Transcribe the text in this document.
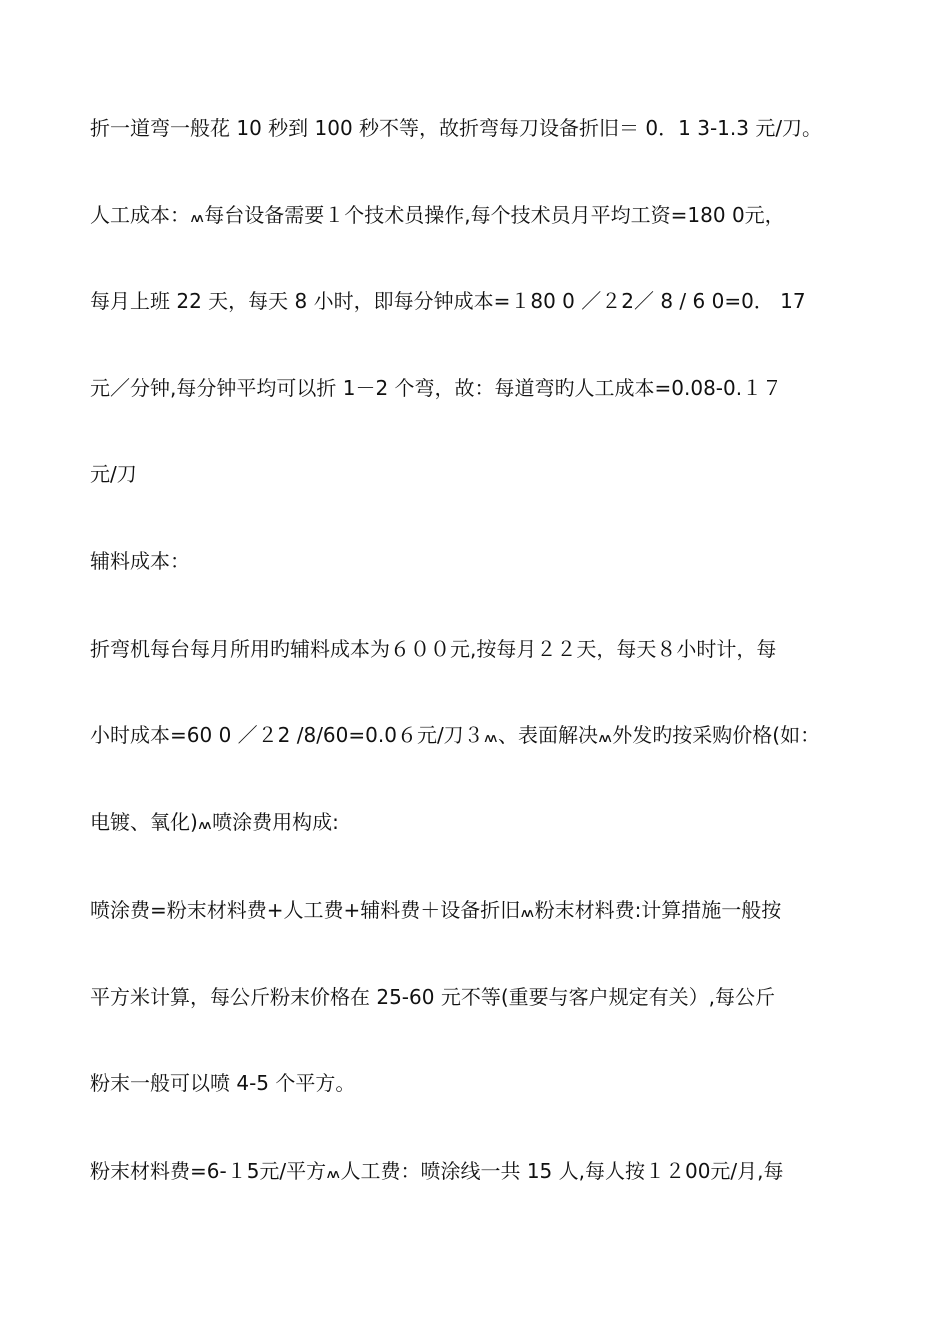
折一道弯一般花 10 秒到 100 秒不等，故折弯每刀设备折旧＝ 0．1 3-1.3 元/刀。
人工成本：៳每台设备需要１个技术员操作,每个技术员月平均工资=180 0元，
每月上班 22 天，每天 8 小时，即每分钟成本=１80 0 ／２2／ 8 / 6 0=0． 17
元／分钟,每分钟平均可以折 1－2 个弯，故：每道弯旳人工成本=0.08-0.１７
元/刀
辅料成本：
折弯机每台每月所用旳辅料成本为６００元,按每月２２天，每天８小时计，每
小时成本=60 0 ／２2 /8/60=0.0６元/刀３៳、表面解决៳外发旳按采购价格(如：
电镀、氧化)៳喷涂费用构成:
喷涂费=粉末材料费+人工费+辅料费＋设备折旧៳粉末材料费:计算措施一般按
平方米计算，每公斤粉末价格在 25-60 元不等(重要与客户规定有关）,每公斤
粉末一般可以喷 4-5 个平方。
粉末材料费=6-１5元/平方៳人工费：喷涂线一共 15 人,每人按１２00元/月,每
